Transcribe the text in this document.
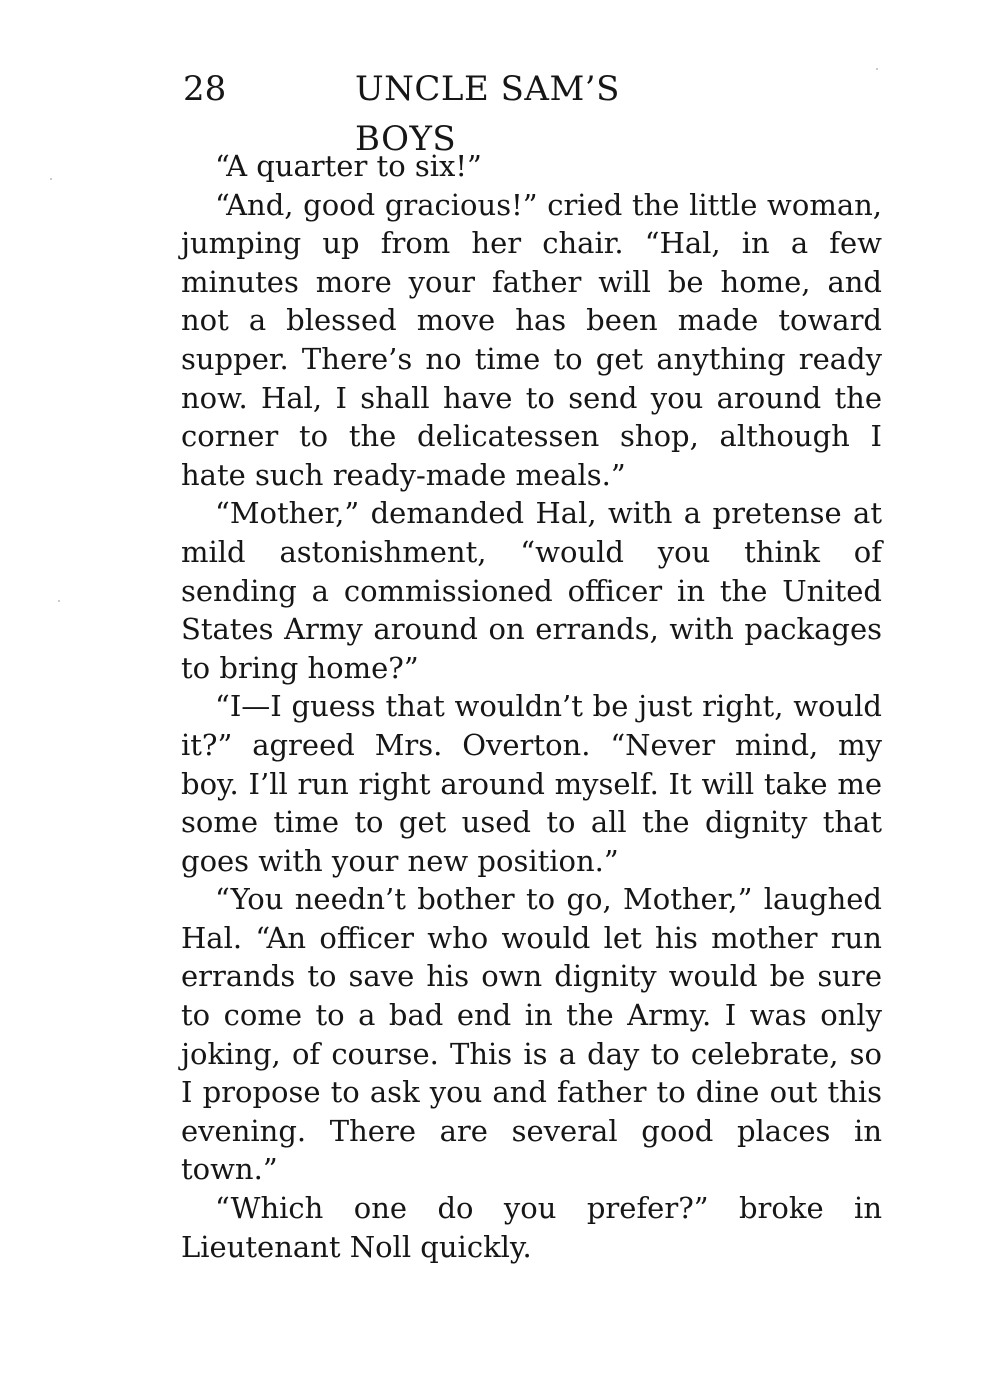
28	UNCLE SAM’S BOYS

“A quarter to six!”

“And, good gracious!” cried the little woman, jumping up from her chair. “Hal, in a few minutes more your father will be home, and not a blessed move has been made toward supper. There’s no time to get anything ready now. Hal, I shall have to send you around the corner to the delicatessen shop, although I hate such ready-made meals.”

“Mother,” demanded Hal, with a pretense at mild astonishment, “would you think of sending a commissioned officer in the United States Army around on errands, with packages to bring home?”

“I—I guess that wouldn’t be just right, would it?” agreed Mrs. Overton. “Never mind, my boy. I’ll run right around myself. It will take me some time to get used to all the dignity that goes with your new position.”

“You needn’t bother to go, Mother,” laughed Hal. “An officer who would let his mother run errands to save his own dignity would be sure to come to a bad end in the Army. I was only joking, of course. This is a day to celebrate, so I propose to ask you and father to dine out this evening. There are several good places in town.”

“Which one do you prefer?” broke in Lieutenant Noll quickly.
